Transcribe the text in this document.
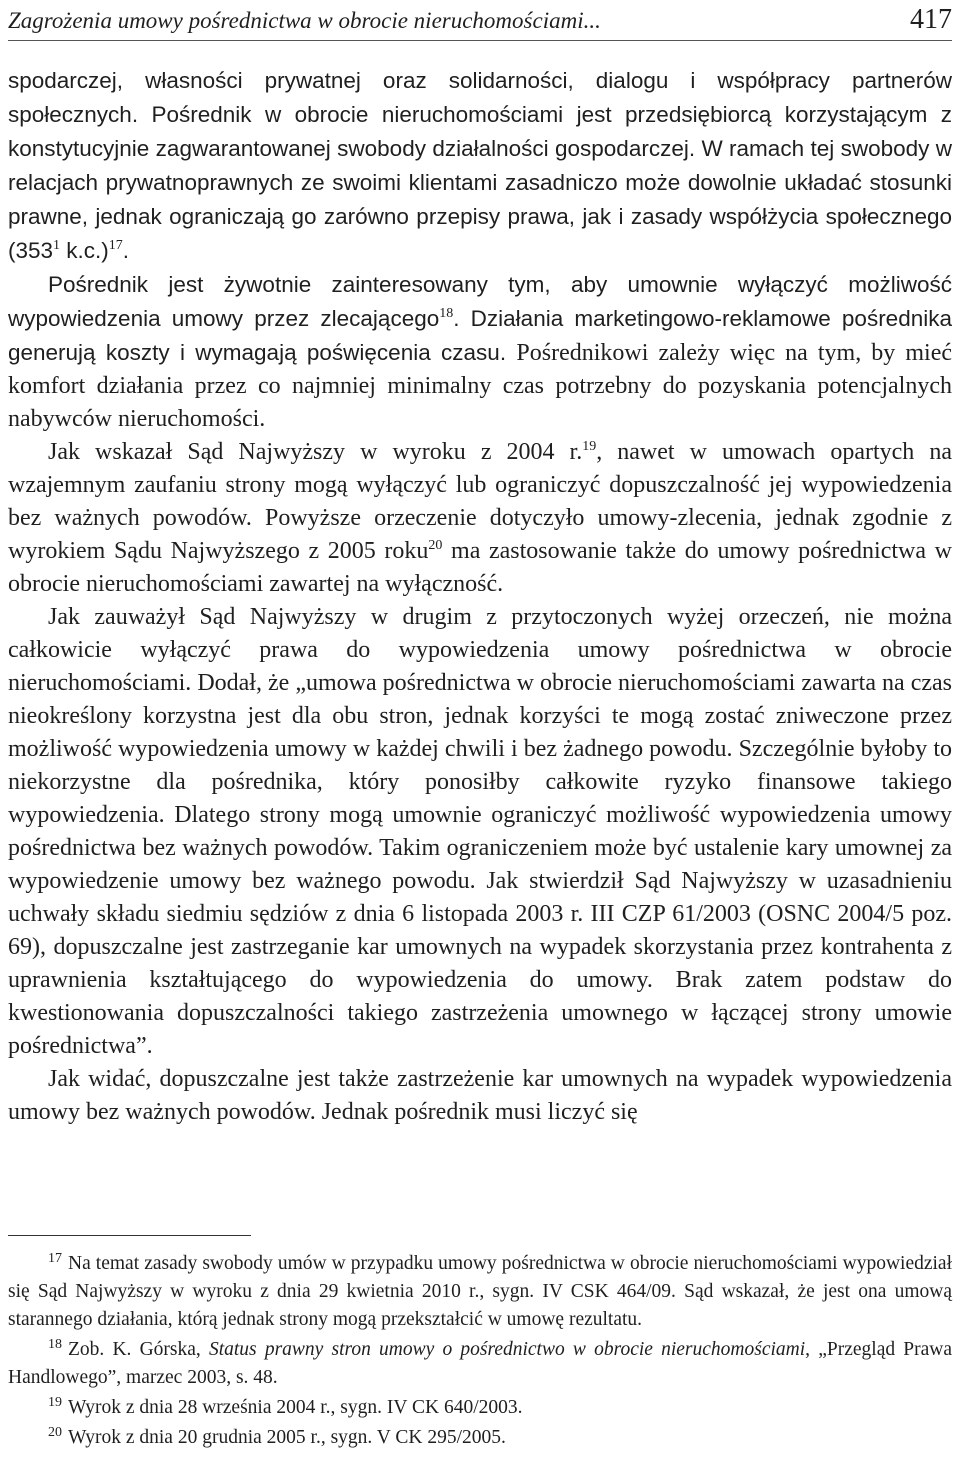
Zagrożenia umowy pośrednictwa w obrocie nieruchomościami...	417

spodarczej, własności prywatnej oraz solidarności, dialogu i współpracy partnerów społecznych. Pośrednik w obrocie nieruchomościami jest przedsiębiorcą korzystającym z konstytucyjnie zagwarantowanej swobody działalności gospodarczej. W ramach tej swobody w relacjach prywatnoprawnych ze swoimi klientami zasadniczo może dowolnie układać stosunki prawne, jednak ograniczają go zarówno przepisy prawa, jak i zasady współżycia społecznego ($353^1$ k.c.)$^{17}$.

Pośrednik jest żywotnie zainteresowany tym, aby umownie wyłączyć możliwość wypowiedzenia umowy przez zlecającego$^{18}$. Działania marketingowo-reklamowe pośrednika generują koszty i wymagają poświęcenia czasu. Pośrednikowi zależy więc na tym, by mieć komfort działania przez co najmniej minimalny czas potrzebny do pozyskania potencjalnych nabywców nieruchomości.

Jak wskazał Sąd Najwyższy w wyroku z 2004 r.$^{19}$, nawet w umowach opartych na wzajemnym zaufaniu strony mogą wyłączyć lub ograniczyć dopuszczalność jej wypowiedzenia bez ważnych powodów. Powyższe orzeczenie dotyczyło umowy-zlecenia, jednak zgodnie z wyrokiem Sądu Najwyższego z 2005 roku$^{20}$ ma zastosowanie także do umowy pośrednictwa w obrocie nieruchomościami zawartej na wyłączność.

Jak zauważył Sąd Najwyższy w drugim z przytoczonych wyżej orzeczeń, nie można całkowicie wyłączyć prawa do wypowiedzenia umowy pośrednictwa w obrocie nieruchomościami. Dodał, że „umowa pośrednictwa w obrocie nieruchomościami zawarta na czas nieokreślony korzystna jest dla obu stron, jednak korzyści te mogą zostać zniweczone przez możliwość wypowiedzenia umowy w każdej chwili i bez żadnego powodu. Szczególnie byłoby to niekorzystne dla pośrednika, który ponosiłby całkowite ryzyko finansowe takiego wypowiedzenia. Dlatego strony mogą umownie ograniczyć możliwość wypowiedzenia umowy pośrednictwa bez ważnych powodów. Takim ograniczeniem może być ustalenie kary umownej za wypowiedzenie umowy bez ważnego powodu. Jak stwierdził Sąd Najwyższy w uzasadnieniu uchwały składu siedmiu sędziów z dnia 6 listopada 2003 r. III CZP 61/2003 (OSNC 2004/5 poz. 69), dopuszczalne jest zastrzeganie kar umownych na wypadek skorzystania przez kontrahenta z uprawnienia kształtującego do wypowiedzenia do umowy. Brak zatem podstaw do kwestionowania dopuszczalności takiego zastrzeżenia umownego w łączącej strony umowie pośrednictwa”.

Jak widać, dopuszczalne jest także zastrzeżenie kar umownych na wypadek wypowiedzenia umowy bez ważnych powodów. Jednak pośrednik musi liczyć się

$^{17}$ Na temat zasady swobody umów w przypadku umowy pośrednictwa w obrocie nieruchomościami wypowiedział się Sąd Najwyższy w wyroku z dnia 29 kwietnia 2010 r., sygn. IV CSK 464/09. Sąd wskazał, że jest ona umową starannego działania, którą jednak strony mogą przekształcić w umowę rezultatu.

$^{18}$ Zob. K. Górska, Status prawny stron umowy o pośrednictwo w obrocie nieruchomościami, „Przegląd Prawa Handlowego”, marzec 2003, s. 48.

$^{19}$ Wyrok z dnia 28 września 2004 r., sygn. IV CK 640/2003.

$^{20}$ Wyrok z dnia 20 grudnia 2005 r., sygn. V CK 295/2005.
